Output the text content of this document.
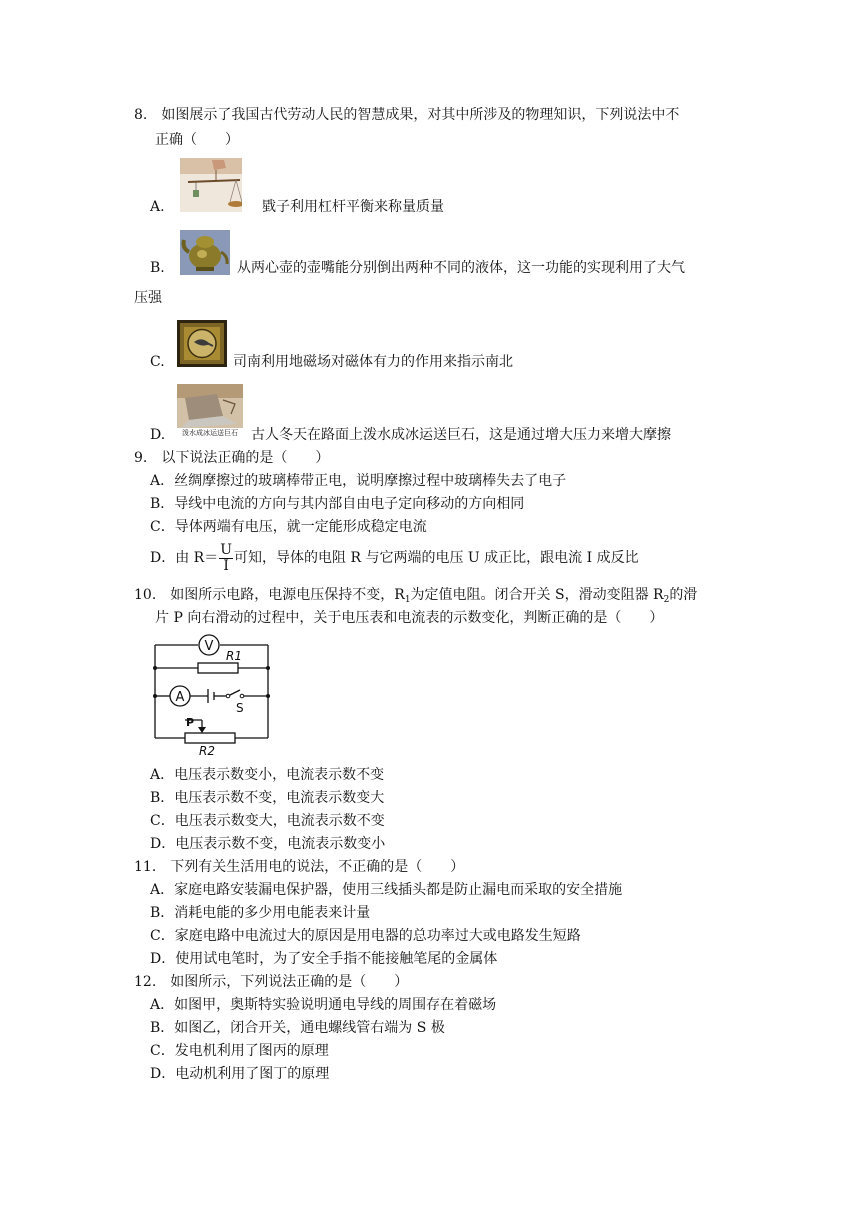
8.　如图展示了我国古代劳动人民的智慧成果，对其中所涉及的物理知识，下列说法中不
正确（　　）
A.	戥子利用杠杆平衡来称量质量
B.	从两心壶的壶嘴能分别倒出两种不同的液体，这一功能的实现利用了大气
压强
C.	司南利用地磁场对磁体有力的作用来指示南北
D.	泼水成冰运送巨石 古人冬天在路面上泼水成冰运送巨石，这是通过增大压力来增大摩擦
9.　以下说法正确的是（　　）
A．丝绸摩擦过的玻璃棒带正电，说明摩擦过程中玻璃棒失去了电子
B．导线中电流的方向与其内部自由电子定向移动的方向相同
C．导体两端有电压，就一定能形成稳定电流
D．由 $R= \frac{U}{I}$ 可知，导体的电阻 R 与它两端的电压 U 成正比，跟电流 I 成反比
10.　如图所示电路，电源电压保持不变，$R_1$为定值电阻。闭合开关 S，滑动变阻器 $R_2$的滑
片 P 向右滑动的过程中，关于电压表和电流表的示数变化，判断正确的是（　　）
V
A
R1
R2
S
P
A．电压表示数变小，电流表示数不变
B．电压表示数不变，电流表示数变大
C．电压表示数变大，电流表示数不变
D．电压表示数不变，电流表示数变小
11.　下列有关生活用电的说法，不正确的是（　　）
A．家庭电路安装漏电保护器，使用三线插头都是防止漏电而采取的安全措施
B．消耗电能的多少用电能表来计量
C．家庭电路中电流过大的原因是用电器的总功率过大或电路发生短路
D．使用试电笔时，为了安全手指不能接触笔尾的金属体
12.　如图所示，下列说法正确的是（　　）
A．如图甲，奥斯特实验说明通电导线的周围存在着磁场
B．如图乙，闭合开关，通电螺线管右端为 S 极
C．发电机利用了图丙的原理
D．电动机利用了图丁的原理
